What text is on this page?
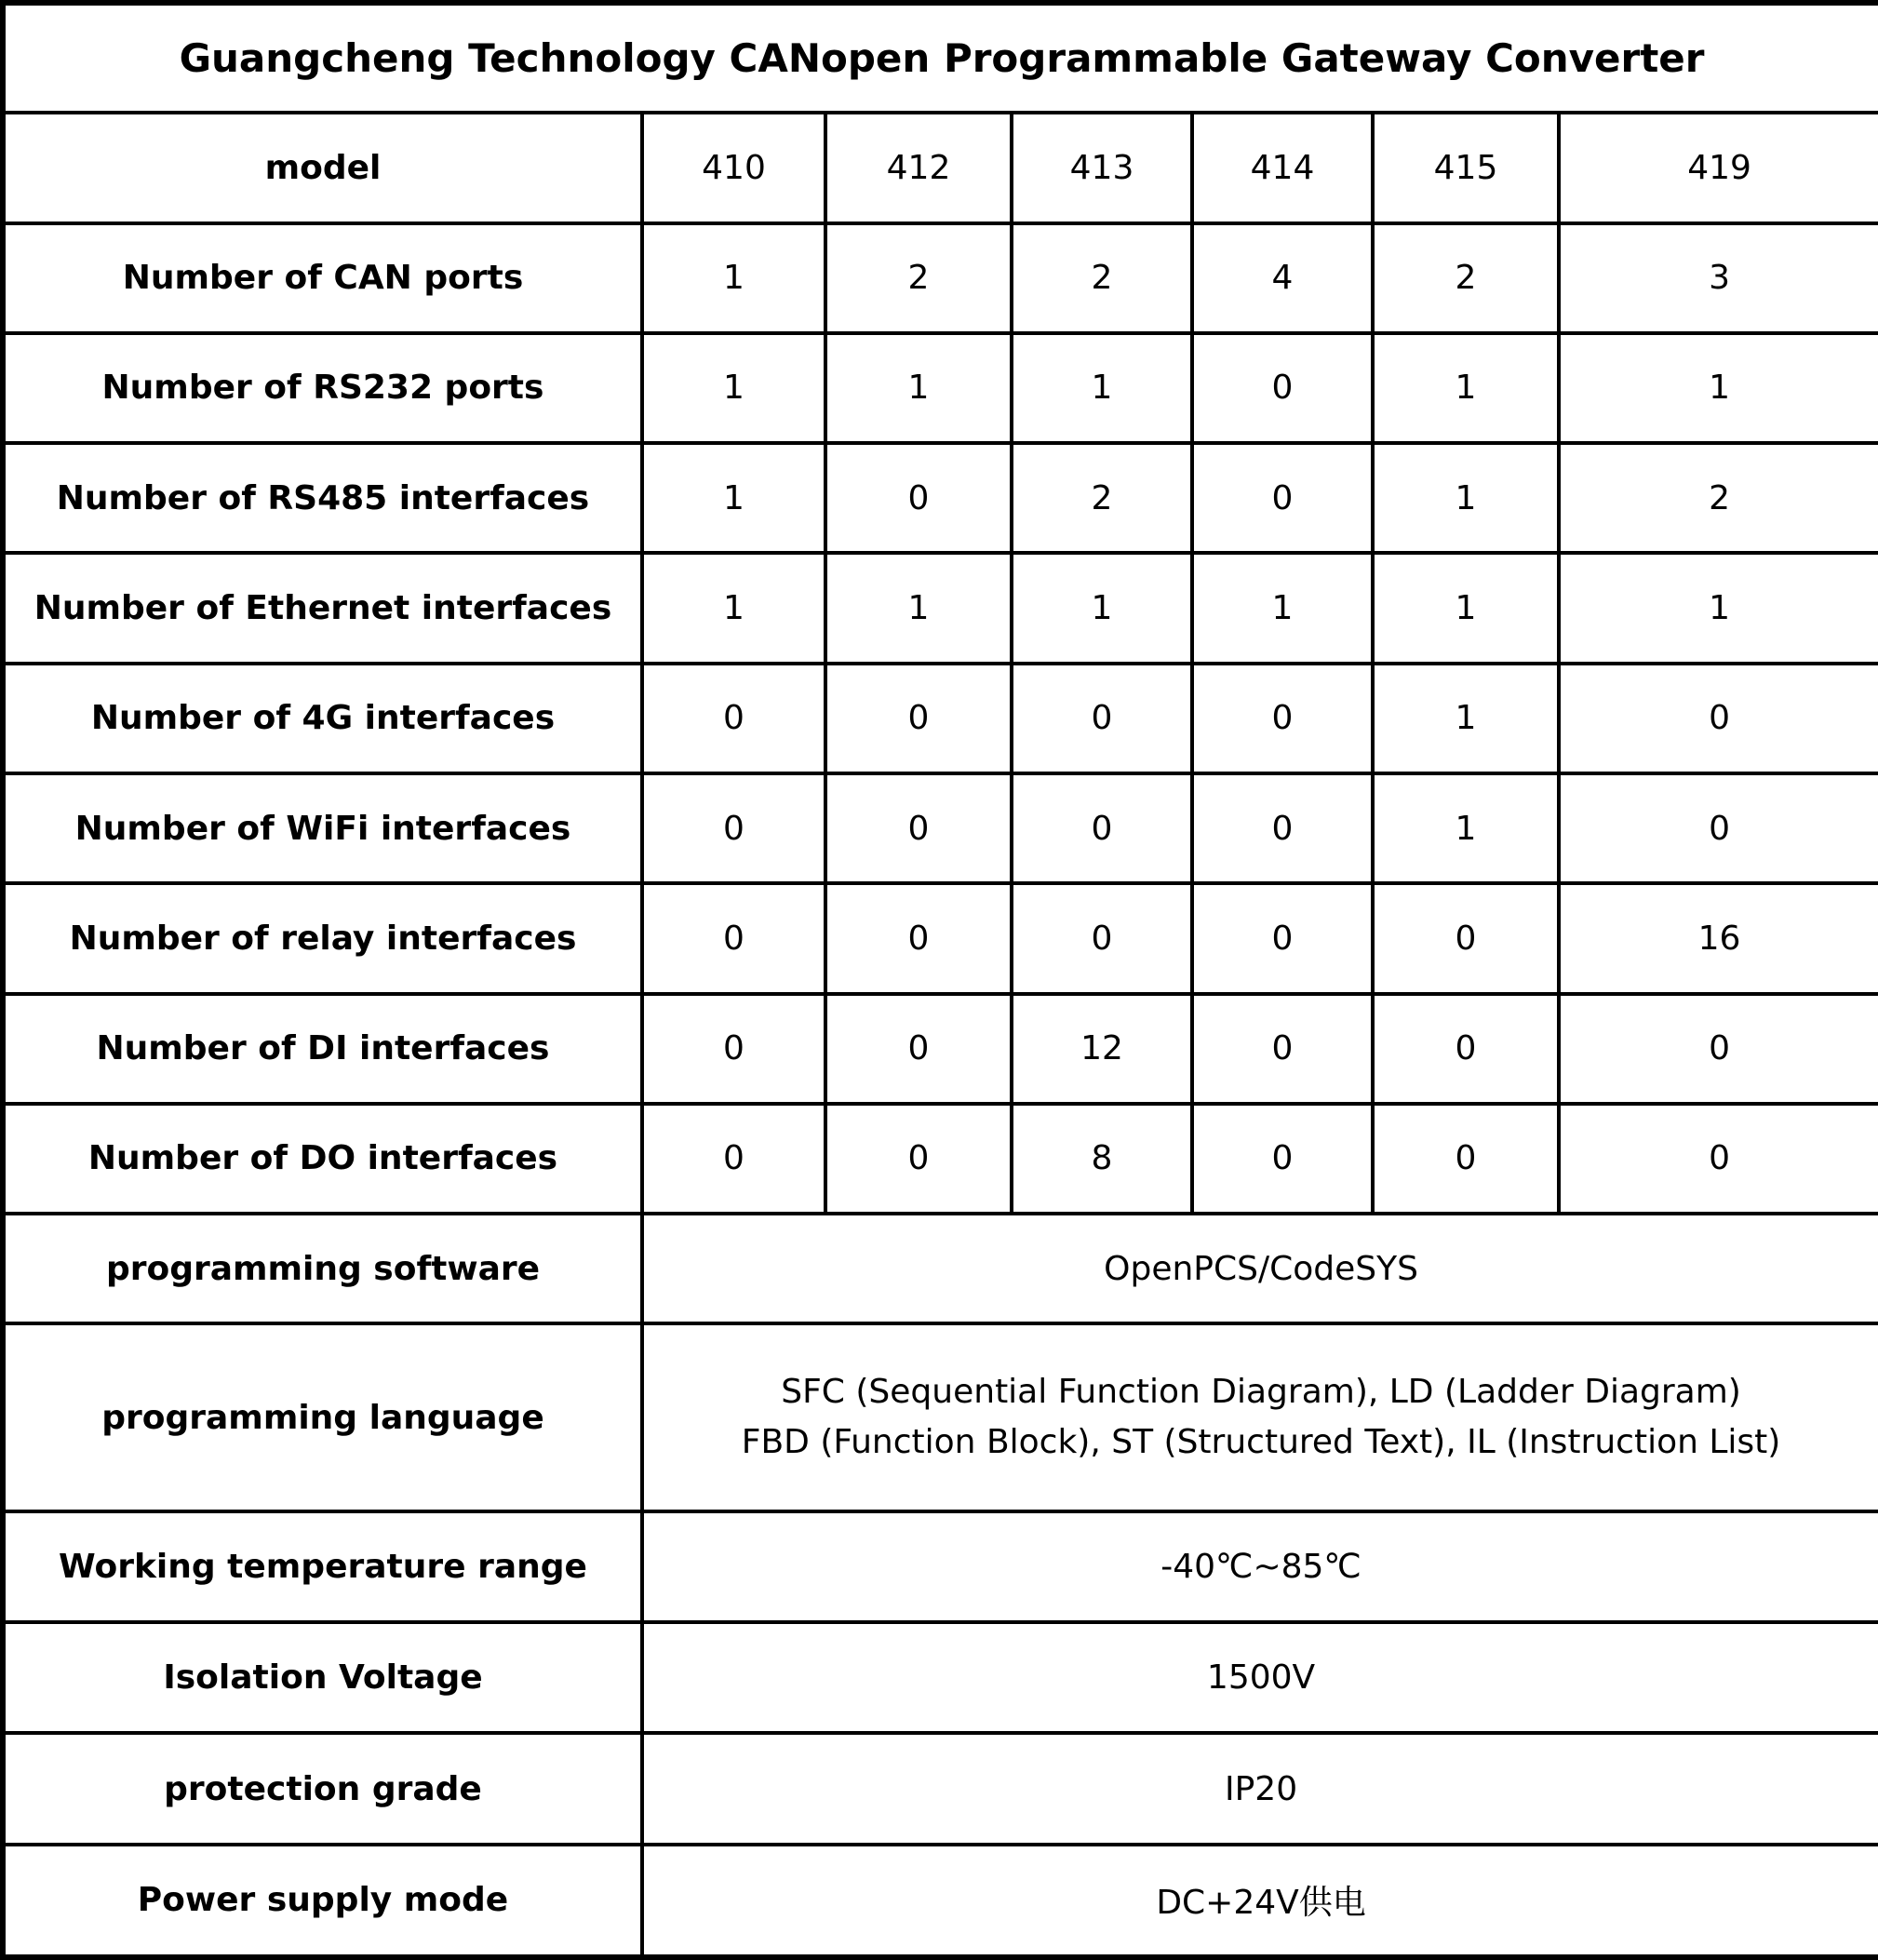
Guangcheng Technology CANopen Programmable Gateway Converter						
model	410	412	413	414	415	419
Number of CAN ports	1	2	2	4	2	3
Number of RS232 ports	1	1	1	0	1	1
Number of RS485 interfaces	1	0	2	0	1	2
Number of Ethernet interfaces	1	1	1	1	1	1
Number of 4G interfaces	0	0	0	0	1	0
Number of WiFi interfaces	0	0	0	0	1	0
Number of relay interfaces	0	0	0	0	0	16
Number of DI interfaces	0	0	12	0	0	0
Number of DO interfaces	0	0	8	0	0	0
programming software	OpenPCS/CodeSYS					
programming language	SFC (Sequential Function Diagram), LD (Ladder Diagram)
FBD (Function Block), ST (Structured Text), IL (Instruction List)					

Working temperature range	-40℃~85℃					
Isolation Voltage	1500V					
protection grade	IP20					
Power supply mode	DC+24V供电					
